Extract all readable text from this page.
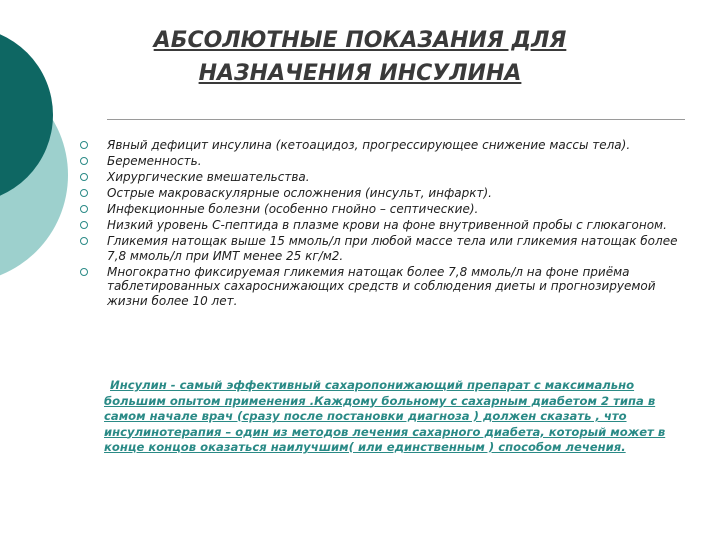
АБСОЛЮТНЫЕ ПОКАЗАНИЯ ДЛЯ
НАЗНАЧЕНИЯ ИНСУЛИНА
Явный дефицит инсулина (кетоацидоз, прогрессирующее снижение массы тела).
Беременность.
Хирургические вмешательства.
Острые макроваскулярные осложнения (инсульт, инфаркт).
Инфекционные болезни (особенно гнойно – септические).
Низкий уровень С-пептида в плазме крови на фоне внутривенной пробы с глюкагоном.
Гликемия натощак выше 15 ммоль/л при любой массе тела или гликемия натощак более 7,8 ммоль/л при ИМТ менее 25 кг/м2.
Многократно фиксируемая гликемия натощак более 7,8 ммоль/л на фоне приёма таблетированных сахароснижающих средств и соблюдения диеты и прогнозируемой жизни более 10 лет.

Инсулин - самый эффективный сахаропонижающий препарат с максимально большим опытом применения .Каждому больному с сахарным диабетом 2 типа в самом начале врач (сразу после постановки диагноза ) должен сказать , что инсулинотерапия – один из методов лечения сахарного диабета, который может в конце концов оказаться наилучшим( или единственным ) способом лечения.
